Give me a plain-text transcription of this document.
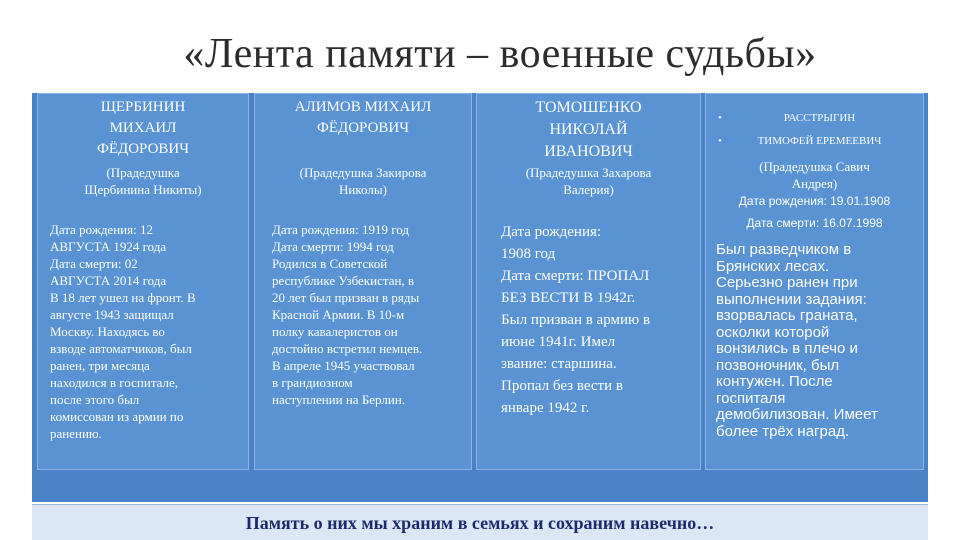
«Лента памяти – военные судьбы»
ЩЕРБИНИН
МИХАИЛ
ФЁДОРОВИЧ
(Прадедушка
Щербинина Никиты)
Дата рождения: 12
АВГУСТА 1924 года
Дата смерти: 02
АВГУСТА 2014 года
В 18 лет ушел на фронт. В
августе 1943 защищал
Москву. Находясь во
взводе автоматчиков, был
ранен, три месяца
находился в госпитале,
после этого был
комиссован из армии по
ранению.
АЛИМОВ МИХАИЛ
ФЁДОРОВИЧ
(Прадедушка Закирова
Николы)
Дата рождения: 1919 год
Дата смерти: 1994 год
Родился в Советской
республике Узбекистан, в
20 лет был призван в ряды
Красной Армии. В 10-м
полку кавалеристов он
достойно встретил немцев.
В апреле 1945 участвовал
в грандиозном
наступлении на Берлин.
ТОМОШЕНКО
НИКОЛАЙ
ИВАНОВИЧ
(Прадедушка Захарова
Валерия)
Дата рождения:
1908 год
Дата смерти: ПРОПАЛ
БЕЗ ВЕСТИ В 1942г.
Был призван в армию в
июне 1941г. Имел
звание: старшина.
Пропал без вести в
январе 1942 г.
• РАССТРЫГИН
• ТИМОФЕЙ ЕРЕМЕЕВИЧ
(Прадедушка Савич
Андрея)
Дата рождения: 19.01.1908
Дата смерти: 16.07.1998
Был разведчиком в
Брянских лесах.
Серьезно ранен при
выполнении задания:
взорвалась граната,
осколки которой
вонзились в плечо и
позвоночник, был
контужен. После
госпиталя
демобилизован. Имеет
более трёх наград.
Память о них мы храним в семьях и сохраним навечно…
